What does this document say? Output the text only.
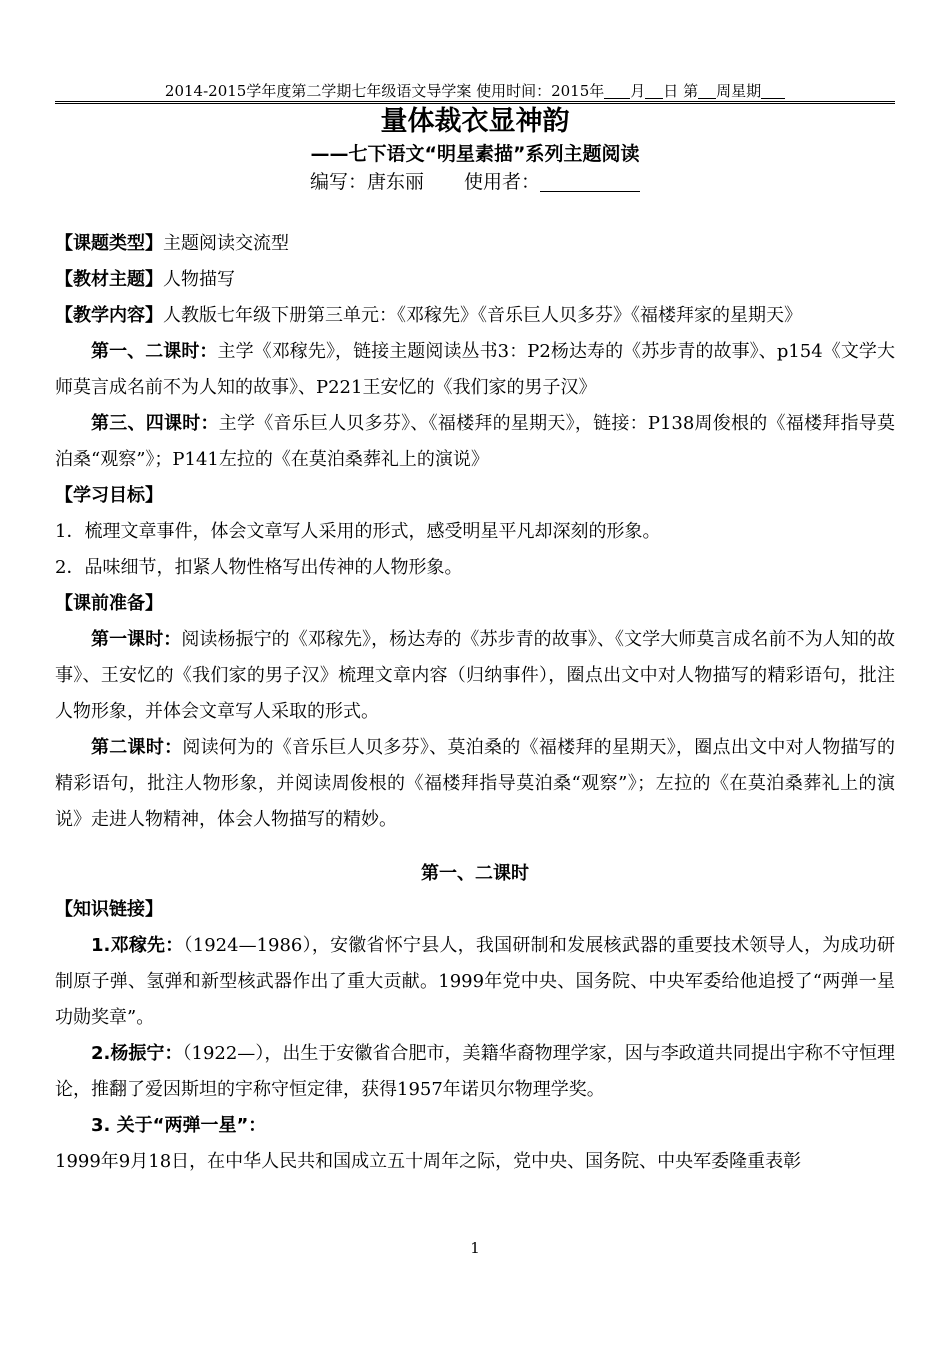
2014-2015学年度第二学期七年级语文导学案 使用时间：2015年 月 日 第 周星期
量体裁衣显神韵
——七下语文“明星素描”系列主题阅读
编写：唐东丽 使用者：

【课题类型】主题阅读交流型

【教材主题】人物描写

【教学内容】人教版七年级下册第三单元：《邓稼先》《音乐巨人贝多芬》《福楼拜家的星期天》

第一、二课时：主学《邓稼先》，链接主题阅读丛书3：P2杨达寿的《苏步青的故事》、p154《文学大师莫言成名前不为人知的故事》、P221王安忆的《我们家的男子汉》

第三、四课时：主学《音乐巨人贝多芬》、《福楼拜的星期天》，链接：P138周俊根的《福楼拜指导莫泊桑“观察”》；P141左拉的《在莫泊桑葬礼上的演说》

【学习目标】

1．梳理文章事件，体会文章写人采用的形式，感受明星平凡却深刻的形象。

2．品味细节，扣紧人物性格写出传神的人物形象。

【课前准备】

第一课时：阅读杨振宁的《邓稼先》，杨达寿的《苏步青的故事》、《文学大师莫言成名前不为人知的故事》、王安忆的《我们家的男子汉》梳理文章内容（归纳事件），圈点出文中对人物描写的精彩语句，批注人物形象，并体会文章写人采取的形式。

第二课时：阅读何为的《音乐巨人贝多芬》、莫泊桑的《福楼拜的星期天》，圈点出文中对人物描写的精彩语句，批注人物形象，并阅读周俊根的《福楼拜指导莫泊桑“观察”》；左拉的《在莫泊桑葬礼上的演说》走进人物精神，体会人物描写的精妙。

第一、二课时

【知识链接】

1.邓稼先：（1924—1986），安徽省怀宁县人，我国研制和发展核武器的重要技术领导人，为成功研制原子弹、氢弹和新型核武器作出了重大贡献。1999年党中央、国务院、中央军委给他追授了“两弹一星功勋奖章”。

2.杨振宁：（1922—），出生于安徽省合肥市，美籍华裔物理学家，因与李政道共同提出宇称不守恒理论，推翻了爱因斯坦的宇称守恒定律，获得1957年诺贝尔物理学奖。

3. 关于“两弹一星”：

1999年9月18日，在中华人民共和国成立五十周年之际，党中央、国务院、中央军委隆重表彰

1
